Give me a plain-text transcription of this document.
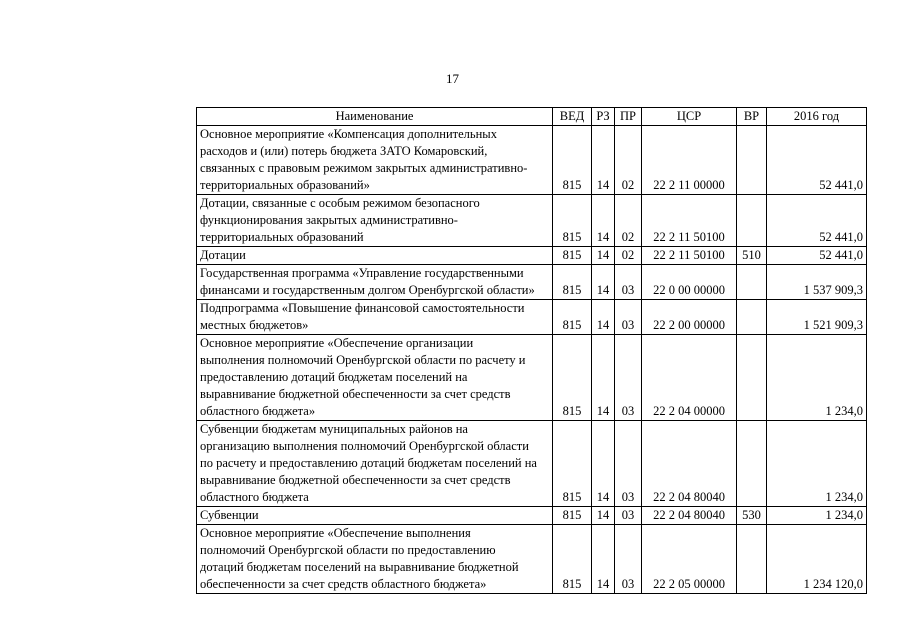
17
Наименование	ВЕД	РЗ	ПР	ЦСР	ВР	2016 год

Основное мероприятие «Компенсация дополнительных
расходов и (или) потерь бюджета ЗАТО Комаровский,
связанных с правовым режимом закрытых административно-
территориальных образований»	815	14	02	22 2 11 00000		52 441,0

Дотации, связанные с особым режимом безопасного
функционирования закрытых административно-
территориальных образований	815	14	02	22 2 11 50100		52 441,0

Дотации	815	14	02	22 2 11 50100	510	52 441,0

Государственная программа «Управление государственными
финансами и государственным долгом Оренбургской области»	815	14	03	22 0 00 00000		1 537 909,3

Подпрограмма «Повышение финансовой самостоятельности
местных бюджетов»	815	14	03	22 2 00 00000		1 521 909,3

Основное мероприятие «Обеспечение организации
выполнения полномочий Оренбургской области по расчету и
предоставлению дотаций бюджетам поселений на
выравнивание бюджетной обеспеченности за счет средств
областного бюджета»	815	14	03	22 2 04 00000		1 234,0

Субвенции бюджетам муниципальных районов на
организацию выполнения полномочий Оренбургской области
по расчету и предоставлению дотаций бюджетам поселений на
выравнивание бюджетной обеспеченности за счет средств
областного бюджета	815	14	03	22 2 04 80040		1 234,0

Субвенции	815	14	03	22 2 04 80040	530	1 234,0

Основное мероприятие «Обеспечение выполнения
полномочий Оренбургской области по предоставлению
дотаций бюджетам поселений на выравнивание бюджетной
обеспеченности за счет средств областного бюджета»	815	14	03	22 2 05 00000		1 234 120,0
